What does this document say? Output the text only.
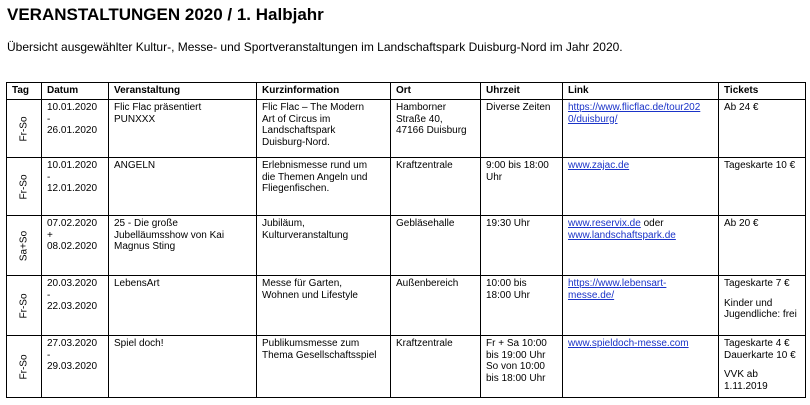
VERANSTALTUNGEN 2020 / 1. Halbjahr
Übersicht ausgewählter Kultur-, Messe- und Sportveranstaltungen im Landschaftspark Duisburg-Nord im Jahr 2020.
Tag	Datum	Veranstaltung	Kurzinformation	Ort	Uhrzeit	Link	Tickets

Fr-So	10.01.2020
-
26.01.2020	Flic Flac präsentiert
PUNXXX	Flic Flac – The Modern
Art of Circus im
Landschaftspark
Duisburg-Nord.	Hamborner
Straße 40,
47166 Duisburg	Diverse Zeiten	https://www.flicflac.de/tour202
0/duisburg/	Ab 24 €

Fr-So	10.01.2020
-
12.01.2020	ANGELN	Erlebnismesse rund um
die Themen Angeln und
Fliegenfischen.	Kraftzentrale	9:00 bis 18:00
Uhr	www.zajac.de	Tageskarte 10 €

Sa+So	07.02.2020
+
08.02.2020	25 - Die große
Jubelläumsshow von Kai
Magnus Sting	Jubiläum,
Kulturveranstaltung	Gebläsehalle	19:30 Uhr	www.reservix.de oder
www.landschaftspark.de	Ab 20 €

Fr-So	20.03.2020
-
22.03.2020	LebensArt	Messe für Garten,
Wohnen und Lifestyle	Außenbereich	10:00 bis
18:00 Uhr	https://www.lebensart-
messe.de/	Tageskarte 7 €
Kinder und
Jugendliche: frei

Fr-So	27.03.2020
-
29.03.2020	Spiel doch!	Publikumsmesse zum
Thema Gesellschaftsspiel	Kraftzentrale	Fr + Sa 10:00
bis 19:00 Uhr
So von 10:00
bis 18:00 Uhr	www.spieldoch-messe.com	Tageskarte 4 €
Dauerkarte 10 €
VVK ab
1.11.2019
